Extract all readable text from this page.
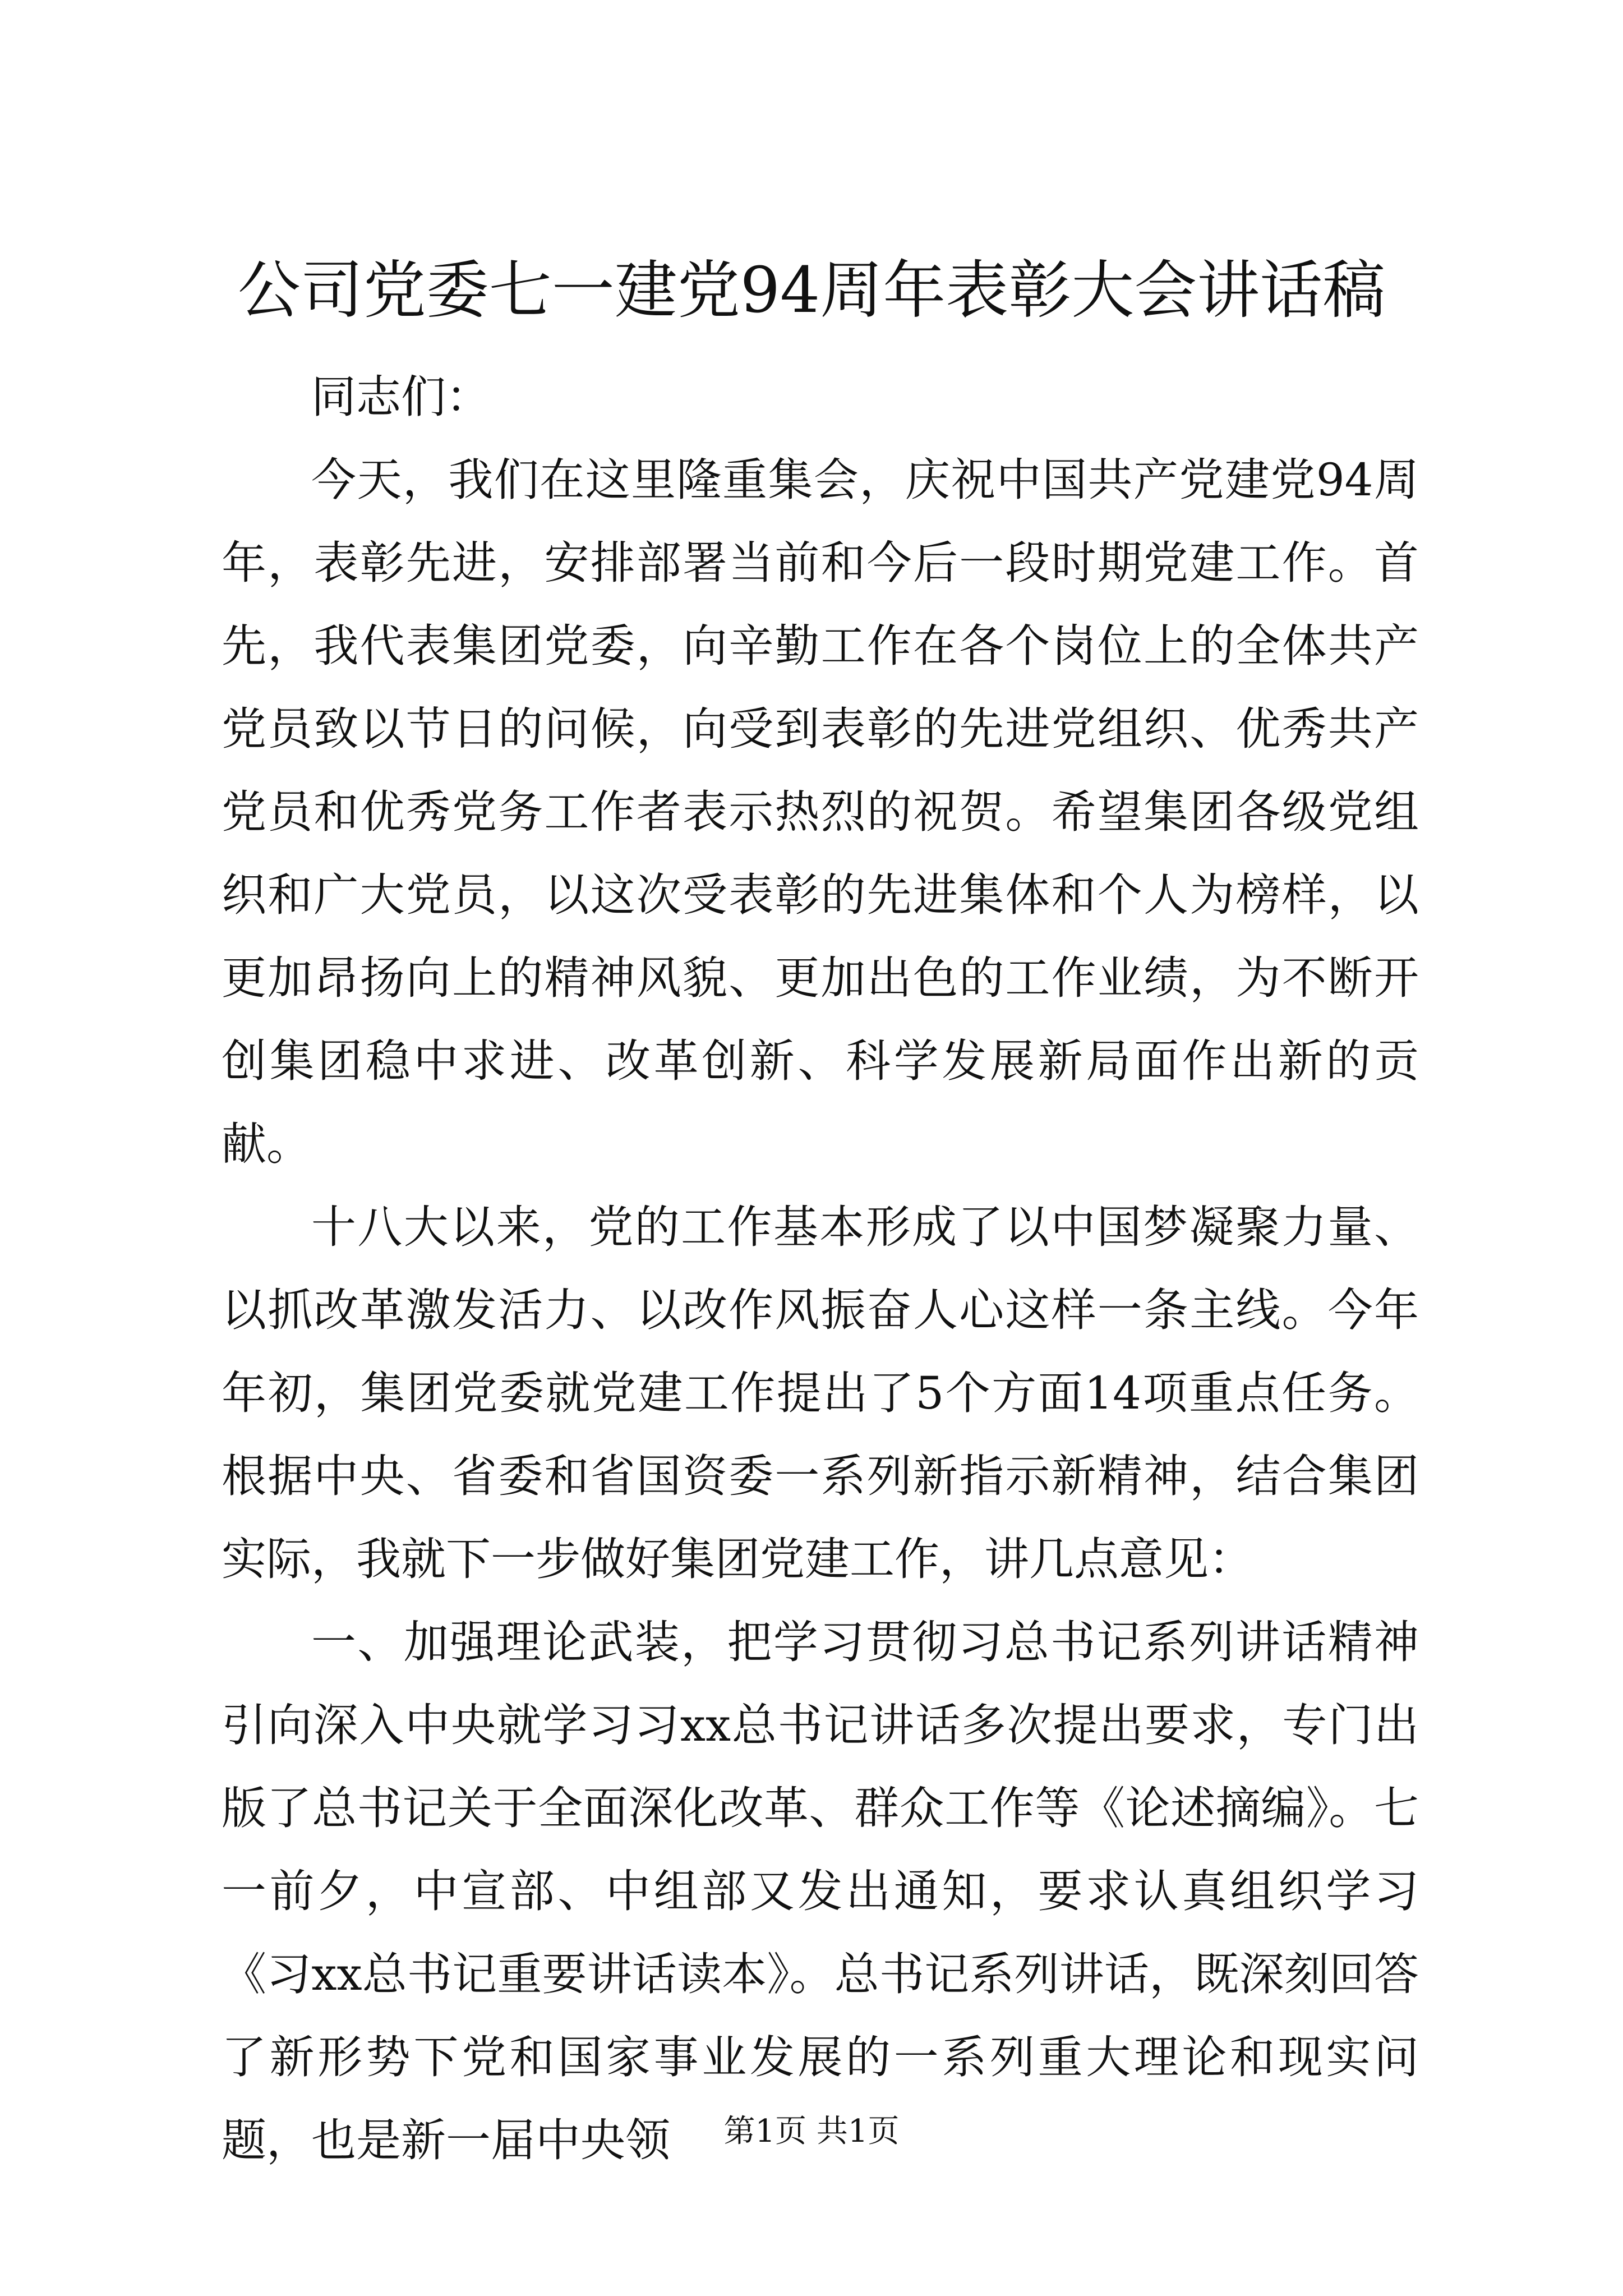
公司党委七一建党94周年表彰大会讲话稿

同志们：

今天，我们在这里隆重集会，庆祝中国共产党建党94周年，表彰先进，安排部署当前和今后一段时期党建工作。首先，我代表集团党委，向辛勤工作在各个岗位上的全体共产党员致以节日的问候，向受到表彰的先进党组织、优秀共产党员和优秀党务工作者表示热烈的祝贺。希望集团各级党组织和广大党员，以这次受表彰的先进集体和个人为榜样，以更加昂扬向上的精神风貌、更加出色的工作业绩，为不断开创集团稳中求进、改革创新、科学发展新局面作出新的贡献。

十八大以来，党的工作基本形成了以中国梦凝聚力量、以抓改革激发活力、以改作风振奋人心这样一条主线。今年年初，集团党委就党建工作提出了5个方面14项重点任务。根据中央、省委和省国资委一系列新指示新精神，结合集团实际，我就下一步做好集团党建工作，讲几点意见：

一、加强理论武装，把学习贯彻习总书记系列讲话精神引向深入中央就学习习xx总书记讲话多次提出要求，专门出版了总书记关于全面深化改革、群众工作等《论述摘编》。七一前夕，中宣部、中组部又发出通知，要求认真组织学习《习xx总书记重要讲话读本》。总书记系列讲话，既深刻回答了新形势下党和国家事业发展的一系列重大理论和现实问题，也是新一届中央领	第1页 共1页
